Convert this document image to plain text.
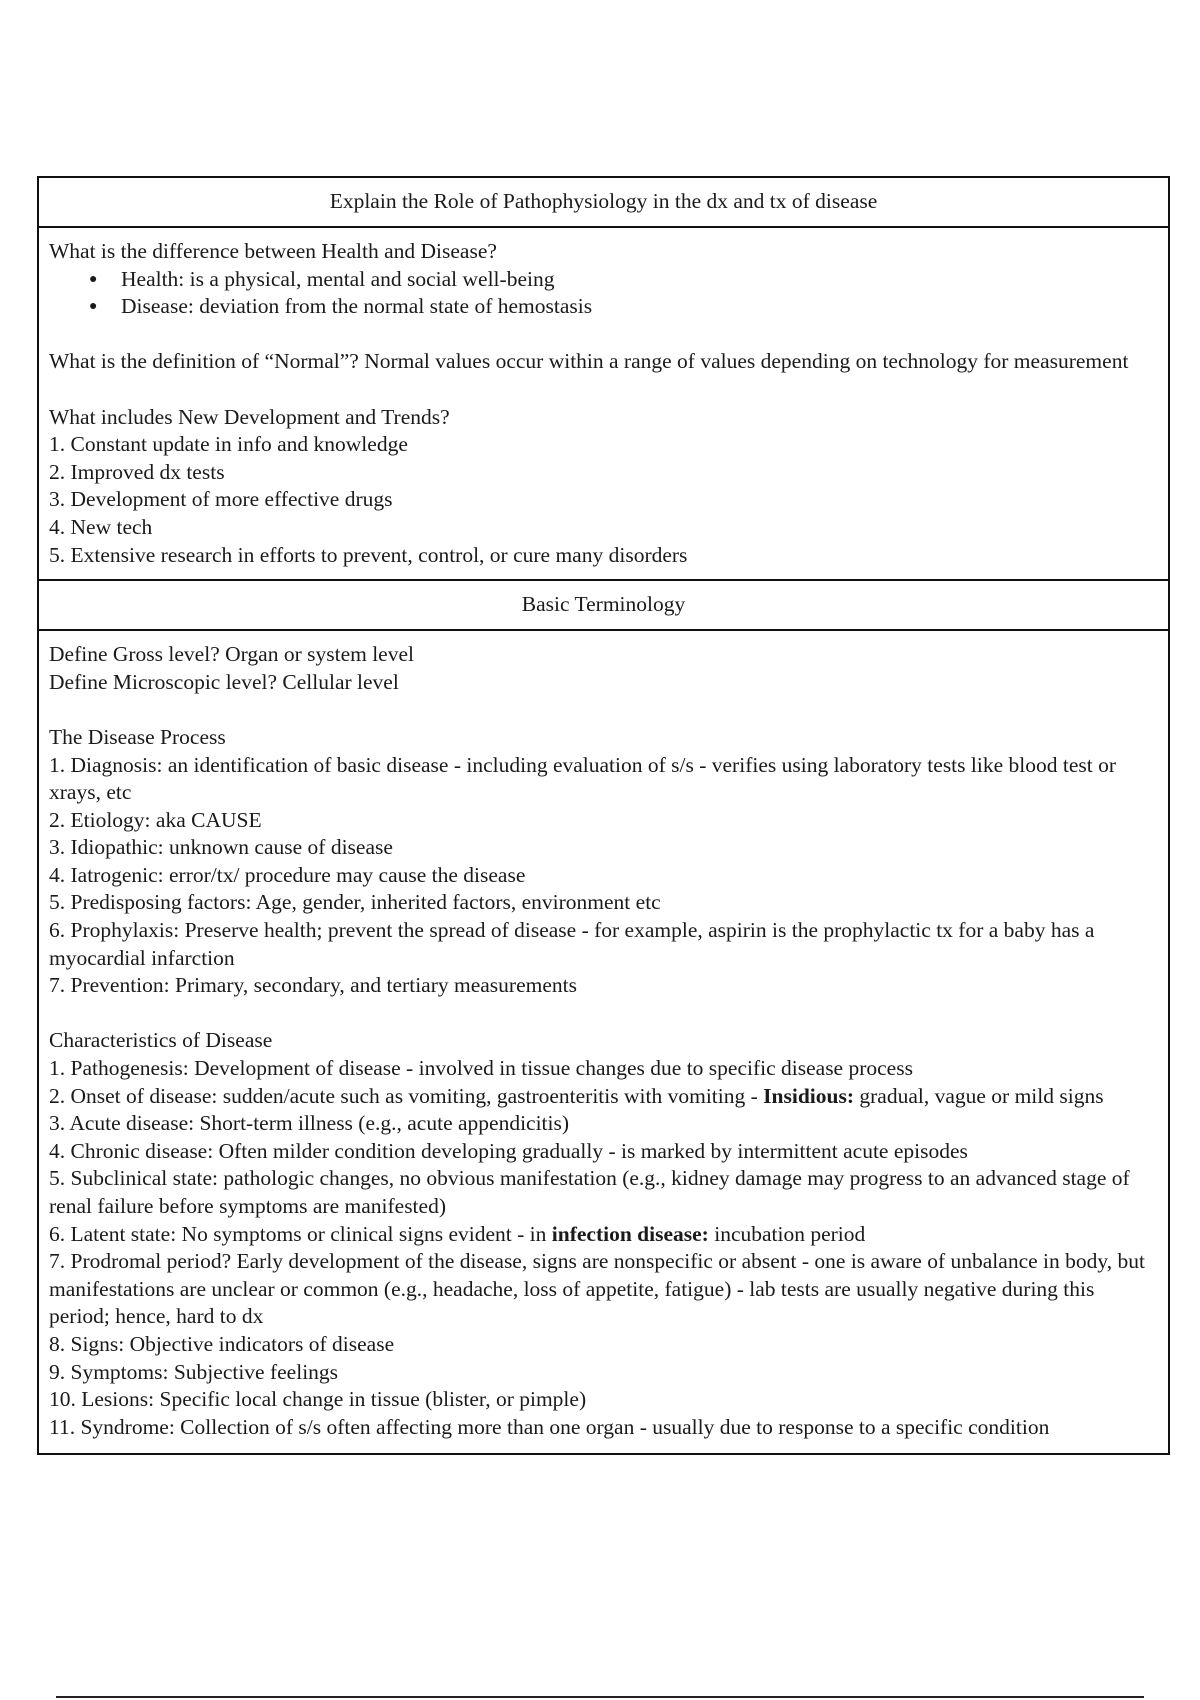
Explain the Role of Pathophysiology in the dx and tx of disease

What is the difference between Health and Disease?

● Health: is a physical, mental and social well-being
● Disease: deviation from the normal state of hemostasis

What is the definition of “Normal”? Normal values occur within a range of values depending on technology for measurement

What includes New Development and Trends?

1. Constant update in info and knowledge

2. Improved dx tests

3. Development of more effective drugs

4. New tech

5. Extensive research in efforts to prevent, control, or cure many disorders

Basic Terminology

Define Gross level? Organ or system level

Define Microscopic level? Cellular level

The Disease Process

1. Diagnosis: an identification of basic disease - including evaluation of s/s - verifies using laboratory tests like blood test or xrays, etc

2. Etiology: aka CAUSE

3. Idiopathic: unknown cause of disease

4. Iatrogenic: error/tx/ procedure may cause the disease

5. Predisposing factors: Age, gender, inherited factors, environment etc

6. Prophylaxis: Preserve health; prevent the spread of disease - for example, aspirin is the prophylactic tx for a baby has a myocardial infarction

7. Prevention: Primary, secondary, and tertiary measurements

Characteristics of Disease

1. Pathogenesis: Development of disease - involved in tissue changes due to specific disease process

2. Onset of disease: sudden/acute such as vomiting, gastroenteritis with vomiting - Insidious: gradual, vague or mild signs

3. Acute disease: Short-term illness (e.g., acute appendicitis)

4. Chronic disease: Often milder condition developing gradually - is marked by intermittent acute episodes

5. Subclinical state: pathologic changes, no obvious manifestation (e.g., kidney damage may progress to an advanced stage of renal failure before symptoms are manifested)

6. Latent state: No symptoms or clinical signs evident - in infection disease: incubation period

7. Prodromal period? Early development of the disease, signs are nonspecific or absent - one is aware of unbalance in body, but manifestations are unclear or common (e.g., headache, loss of appetite, fatigue) - lab tests are usually negative during this period; hence, hard to dx

8. Signs: Objective indicators of disease

9. Symptoms: Subjective feelings

10. Lesions: Specific local change in tissue (blister, or pimple)

11. Syndrome: Collection of s/s often affecting more than one organ - usually due to response to a specific condition
